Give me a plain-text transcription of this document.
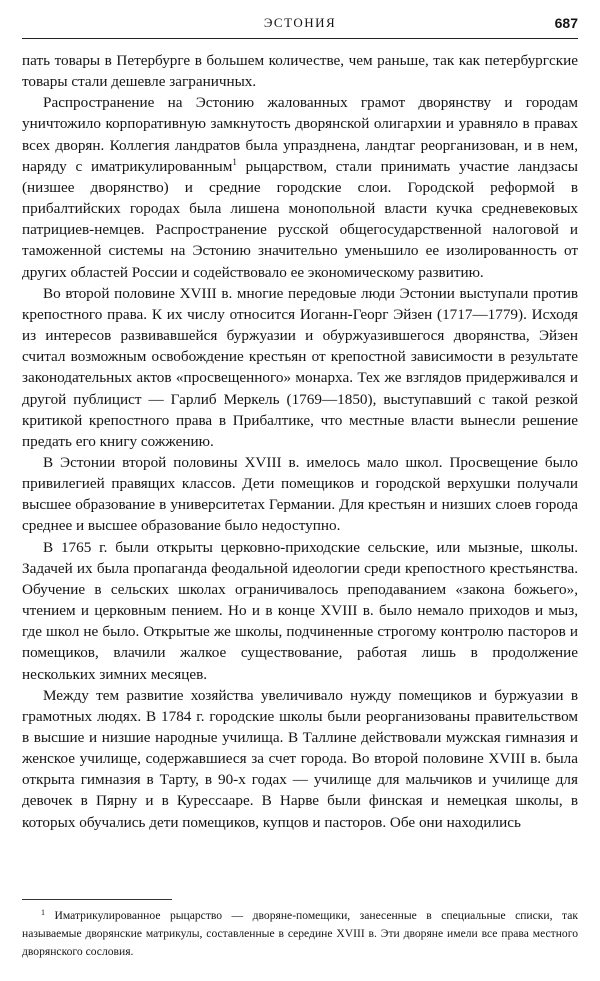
ЭСТОНИЯ	687

пать товары в Петербурге в большем количестве, чем раньше, так как петербургские товары стали дешевле заграничных.

Распространение на Эстонию жалованных грамот дворянству и городам уничтожило корпоративную замкнутость дворянской олигархии и уравняло в правах всех дворян. Коллегия ландратов была упразднена, ландтаг реорганизован, и в нем, наряду с иматрикулированным$^1$ рыцарством, стали принимать участие ландзасы (низшее дворянство) и средние городские слои. Городской реформой в прибалтийских городах была лишена монопольной власти кучка средневековых патрициев-немцев. Распространение русской общегосударственной налоговой и таможенной системы на Эстонию значительно уменьшило ее изолированность от других областей России и содействовало ее экономическому развитию.

Во второй половине XVIII в. многие передовые люди Эстонии выступали против крепостного права. К их числу относится Иоганн-Георг Эйзен (1717—1779). Исходя из интересов развивавшейся буржуазии и обуржуазившегося дворянства, Эйзен считал возможным освобождение крестьян от крепостной зависимости в результате законодательных актов «просвещенного» монарха. Тех же взглядов придерживался и другой публицист — Гарлиб Меркель (1769—1850), выступавший с такой резкой критикой крепостного права в Прибалтике, что местные власти вынесли решение предать его книгу сожжению.

В Эстонии второй половины XVIII в. имелось мало школ. Просвещение было привилегией правящих классов. Дети помещиков и городской верхушки получали высшее образование в университетах Германии. Для крестьян и низших слоев города среднее и высшее образование было недоступно.

В 1765 г. были открыты церковно-приходские сельские, или мызные, школы. Задачей их была пропаганда феодальной идеологии среди крепостного крестьянства. Обучение в сельских школах ограничивалось преподаванием «закона божьего», чтением и церковным пением. Но и в конце XVIII в. было немало приходов и мыз, где школ не было. Открытые же школы, подчиненные строгому контролю пасторов и помещиков, влачили жалкое существование, работая лишь в продолжение нескольких зимних месяцев.

Между тем развитие хозяйства увеличивало нужду помещиков и буржуазии в грамотных людях. В 1784 г. городские школы были реорганизованы правительством в высшие и низшие народные училища. В Таллине действовали мужская гимназия и женское училище, содержавшиеся за счет города. Во второй половине XVIII в. была открыта гимназия в Тарту, в 90-х годах — училище для мальчиков и училище для девочек в Пярну и в Курессааре. В Нарве были финская и немецкая школы, в которых обучались дети помещиков, купцов и пасторов. Обе они находились

$^1$ Иматрикулированное рыцарство — дворяне-помещики, занесенные в специальные списки, так называемые дворянские матрикулы, составленные в середине XVIII в. Эти дворяне имели все права местного дворянского сословия.
